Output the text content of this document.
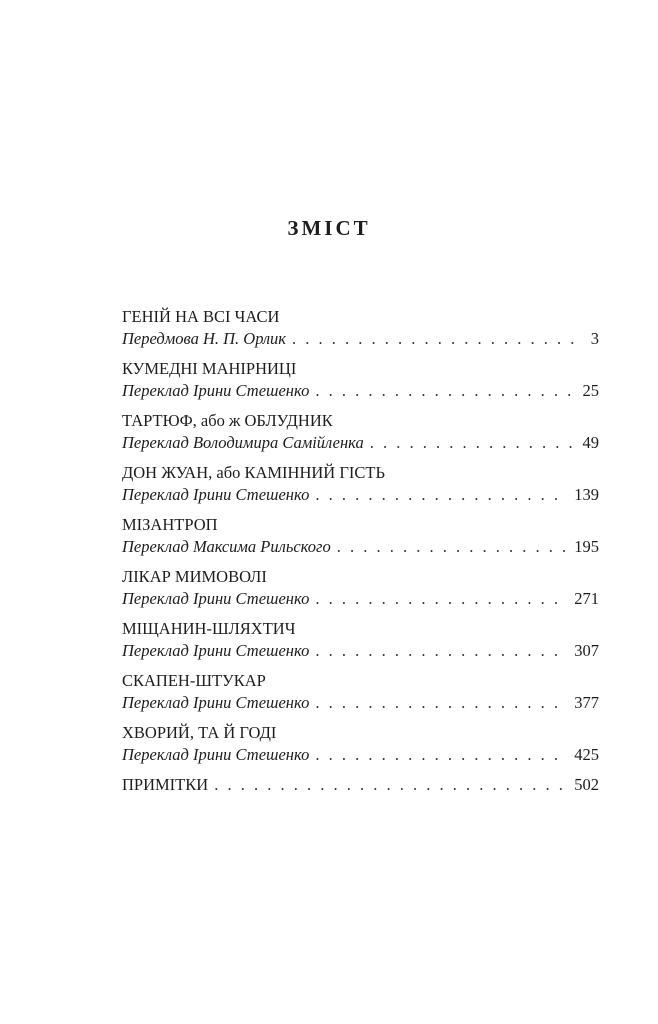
ЗМІСТ
ГЕНІЙ НА ВСІ ЧАСИ
Передмова Н. П. Орлик . . .	3
КУМЕДНІ МАНІРНИЦІ
Переклад Ірини Стешенко . . .	25
ТАРТЮФ, або ж ОБЛУДНИК
Переклад Володимира Самійленка . . .	49
ДОН ЖУАН, або КАМІННИЙ ГІСТЬ
Переклад Ірини Стешенко . . .	139
МІЗАНТРОП
Переклад Максима Рильского . . .	195
ЛІКАР МИМОВОЛІ
Переклад Ірини Стешенко . . .	271
МІЩАНИН-ШЛЯХТИЧ
Переклад Ірини Стешенко . . .	307
СКАПЕН-ШТУКАР
Переклад Ірини Стешенко . . .	377
ХВОРИЙ, ТА Й ГОДІ
Переклад Ірини Стешенко . . .	425
ПРИМІТКИ . . .	502
